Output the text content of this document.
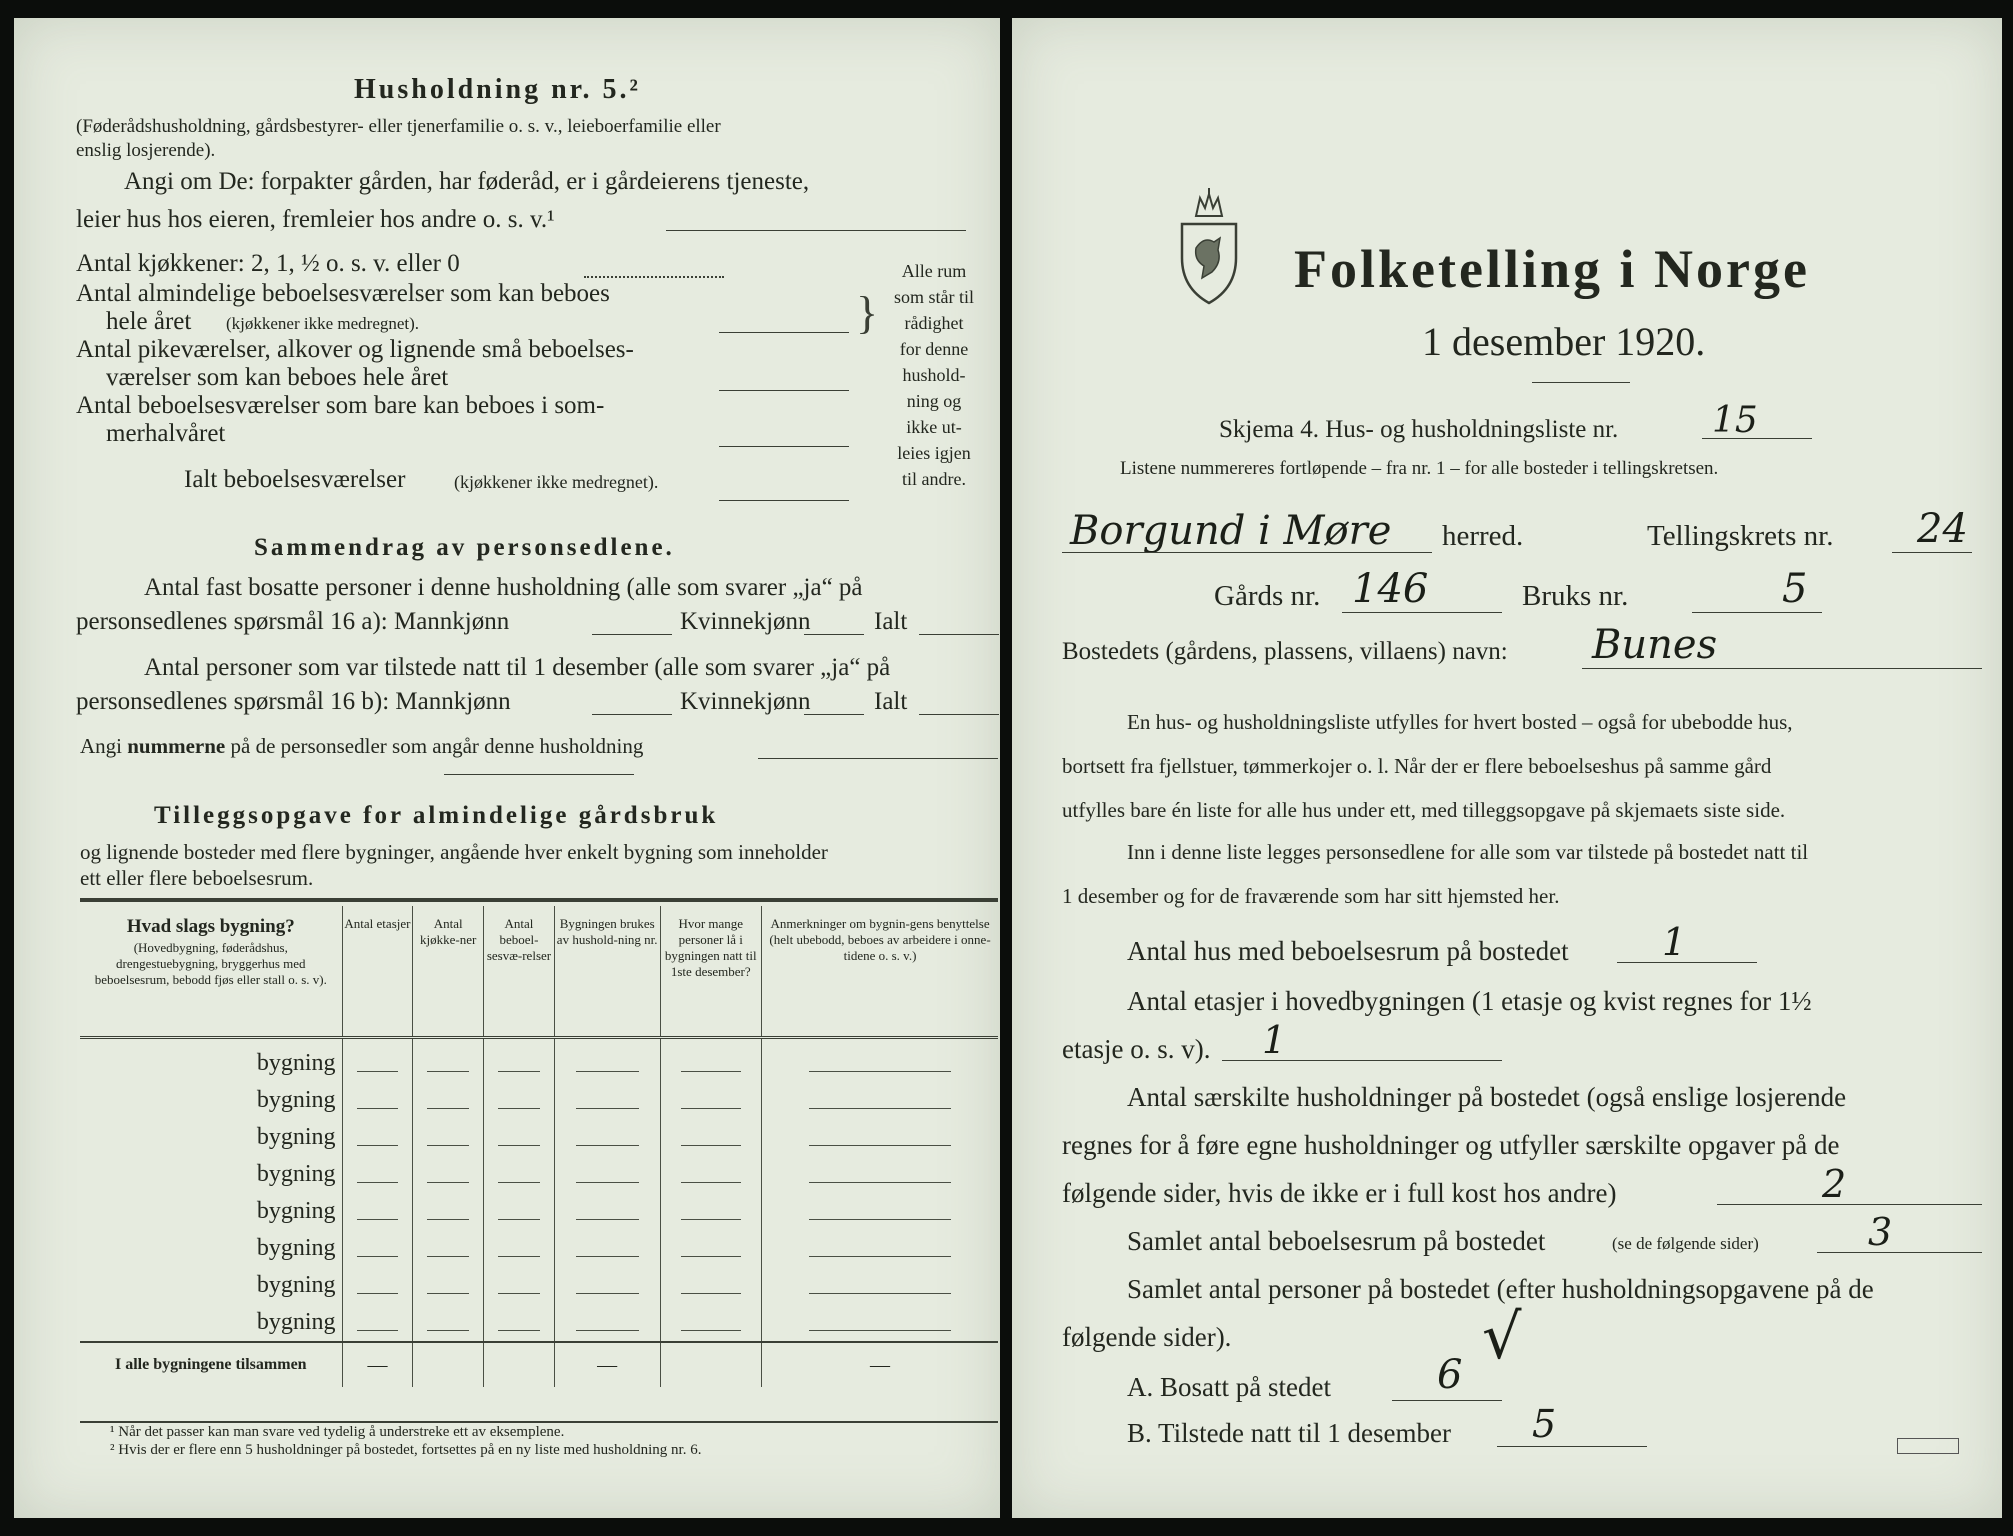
Husholdning nr. 5.²
(Føderådshusholdning, gårdsbestyrer- eller tjenerfamilie o. s. v., leieboerfamilie eller
enslig losjerende).
Angi om De: forpakter gården, har føderåd, er i gårdeierens tjeneste,
leier hus hos eieren, fremleier hos andre o. s. v.¹
Antal kjøkkener: 2, 1, ½ o. s. v. eller 0
Antal almindelige beboelsesværelser som kan beboes
hele året (kjøkkener ikke medregnet).
Antal pikeværelser, alkover og lignende små beboelses-
værelser som kan beboes hele året
Antal beboelsesværelser som bare kan beboes i som-
merhalvåret
Ialt beboelsesværelser	(kjøkkener ikke medregnet).
}
Alle rum
som står til
rådighet
for denne
hushold-
ning og
ikke ut-
leies igjen
til andre.
Sammendrag av personsedlene.
Antal fast bosatte personer i denne husholdning (alle som svarer „ja“ på
personsedlenes spørsmål 16 a): Mannkjønn	Kvinnekjønn	Ialt
Antal personer som var tilstede natt til 1 desember (alle som svarer „ja“ på
personsedlenes spørsmål 16 b): Mannkjønn	Kvinnekjønn	Ialt
Angi nummerne på de personsedler som angår denne husholdning
Tilleggsopgave for almindelige gårdsbruk
og lignende bosteder med flere bygninger, angående hver enkelt bygning som inneholder
ett eller flere beboelsesrum.
Hvad slags bygning?
(Hovedbygning, føderådshus, drengestuebygning, bryggerhus med beboelsesrum, bebodd fjøs eller stall o. s. v).	Antal etasjer	Antal kjøkke-ner	Antal beboel-sesvæ-relser	Bygningen brukes av hushold-ning nr.	Hvor mange personer lå i bygningen natt til 1ste desember?	Anmerkninger om bygnin-gens benyttelse (helt ubebodd, beboes av arbeidere i onne-tidene o. s. v.)

bygning	

bygning	

bygning	

bygning	

bygning	

bygning	

bygning	

bygning	

I alle bygningene tilsammen	—			—		—
¹ Når det passer kan man svare ved tydelig å understreke ett av eksemplene.
² Hvis der er flere enn 5 husholdninger på bostedet, fortsettes på en ny liste med husholdning nr. 6.
Folketelling i Norge
1 desember 1920.
Skjema 4. Hus- og husholdningsliste nr.	15
Listene nummereres fortløpende – fra nr. 1 – for alle bosteder i tellingskretsen.
Borgund i Møre herred.	Tellingskrets nr. 24
Gårds nr. 146	Bruks nr.	5
Bostedets (gårdens, plassens, villaens) navn: Bunes
En hus- og husholdningsliste utfylles for hvert bosted – også for ubebodde hus,
bortsett fra fjellstuer, tømmerkojer o. l. Når der er flere beboelseshus på samme gård
utfylles bare én liste for alle hus under ett, med tilleggsopgave på skjemaets siste side.
Inn i denne liste legges personsedlene for alle som var tilstede på bostedet natt til
1 desember og for de fraværende som har sitt hjemsted her.
Antal hus med beboelsesrum på bostedet 1
Antal etasjer i hovedbygningen (1 etasje og kvist regnes for 1½
etasje o. s. v). 1
Antal særskilte husholdninger på bostedet (også enslige losjerende
regnes for å føre egne husholdninger og utfyller særskilte opgaver på de
følgende sider, hvis de ikke er i full kost hos andre)	2
Samlet antal beboelsesrum på bostedet	(se de følgende sider)	3
Samlet antal personer på bostedet (efter husholdningsopgavene på de
følgende sider).
A. Bosatt på stedet	6
√
B. Tilstede natt til 1 desember 5
